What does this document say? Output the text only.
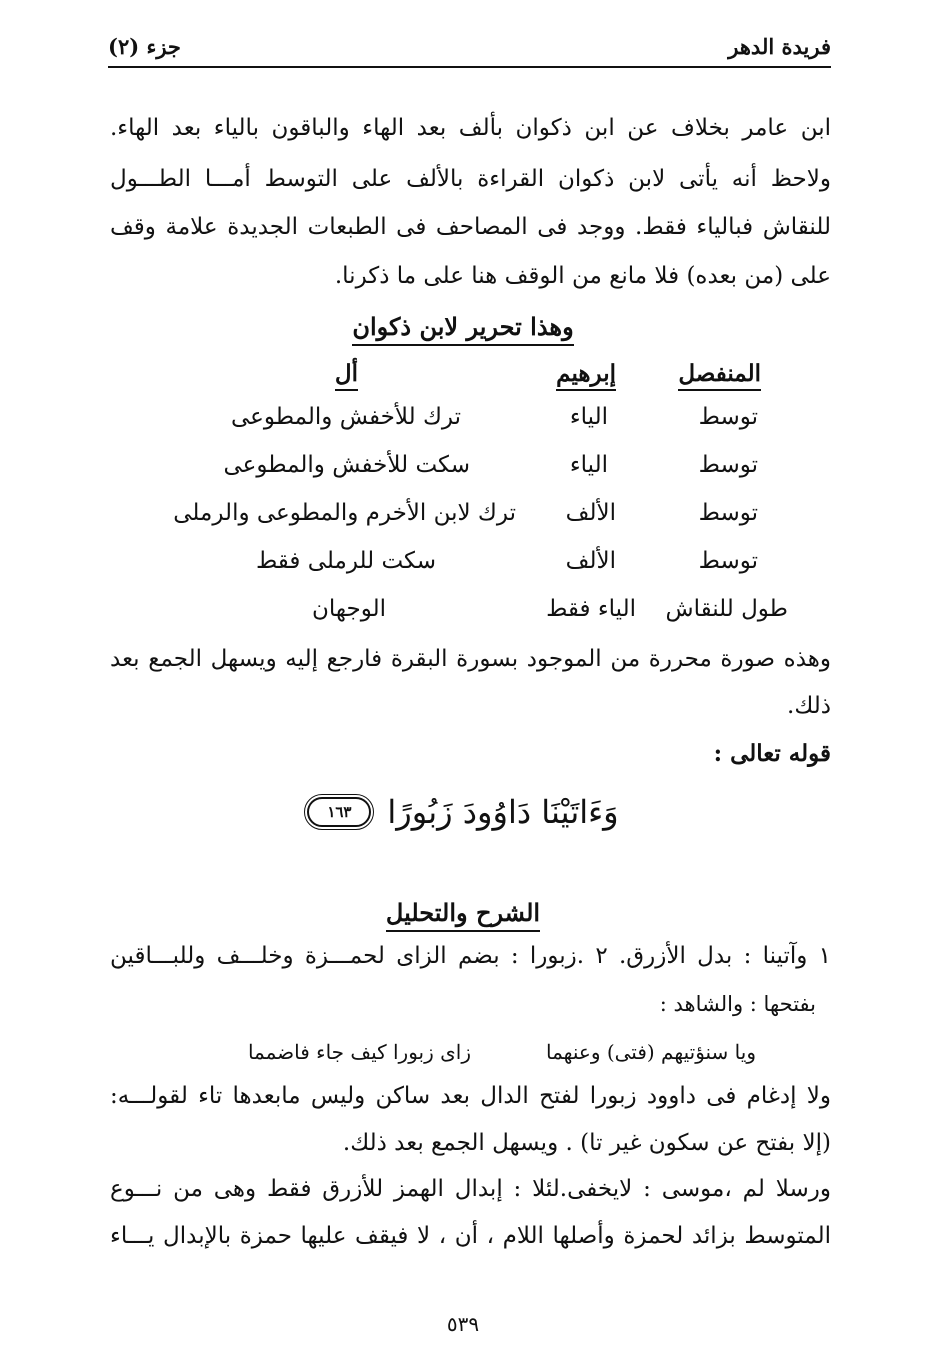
جزء (٢)	فريدة الدهر
ابن عامر بخلاف عن ابن ذكوان بألف بعد الهاء والباقون بالياء بعد الهاء.
ولاحظ أنه يأتى لابن ذكوان القراءة بالألف على التوسط أمـــا الطـــول
للنقاش فبالياء فقط. ووجد فى المصاحف فى الطبعات الجديدة علامة وقف
على (من بعده) فلا مانع من الوقف هنا على ما ذكرنا.
وهذا تحرير لابن ذكوان
المنفصل
إبرهيم
أل
توسط
الياء
ترك للأخفش والمطوعى
توسط
الياء
سكت للأخفش والمطوعى
توسط
الألف
ترك لابن الأخرم والمطوعى والرملى
توسط
الألف
سكت للرملى فقط
طول للنقاش
الياء فقط
الوجهان
وهذه صورة محررة من الموجود بسورة البقرة فارجع إليه ويسهل الجمع بعد
ذلك.
قوله تعالى :
وَءَاتَيْنَا دَاوُودَ زَبُورًا
١٦٣
الشرح والتحليل
١ وآتينا : بدل الأزرق. ٢ .زبورا : بضم الزاى لحمـــزة وخلـــف وللبـــاقين
بفتحها : والشاهد :
ويا سنؤتيهم (فتى) وعنهما
زاى زبورا كيف جاء فاضمما
ولا إدغام فى داوود زبورا لفتح الدال بعد ساكن وليس مابعدها تاء لقولـــه:
(إلا بفتح عن سكون غير تا) . ويسهل الجمع بعد ذلك.
ورسلا لم ،موسى : لايخفى.لئلا : إبدال الهمز للأزرق فقط وهى من نـــوع
المتوسط بزائد لحمزة وأصلها اللام ، أن ، لا فيقف عليها حمزة بالإبدال يـــاء
٥٣٩
